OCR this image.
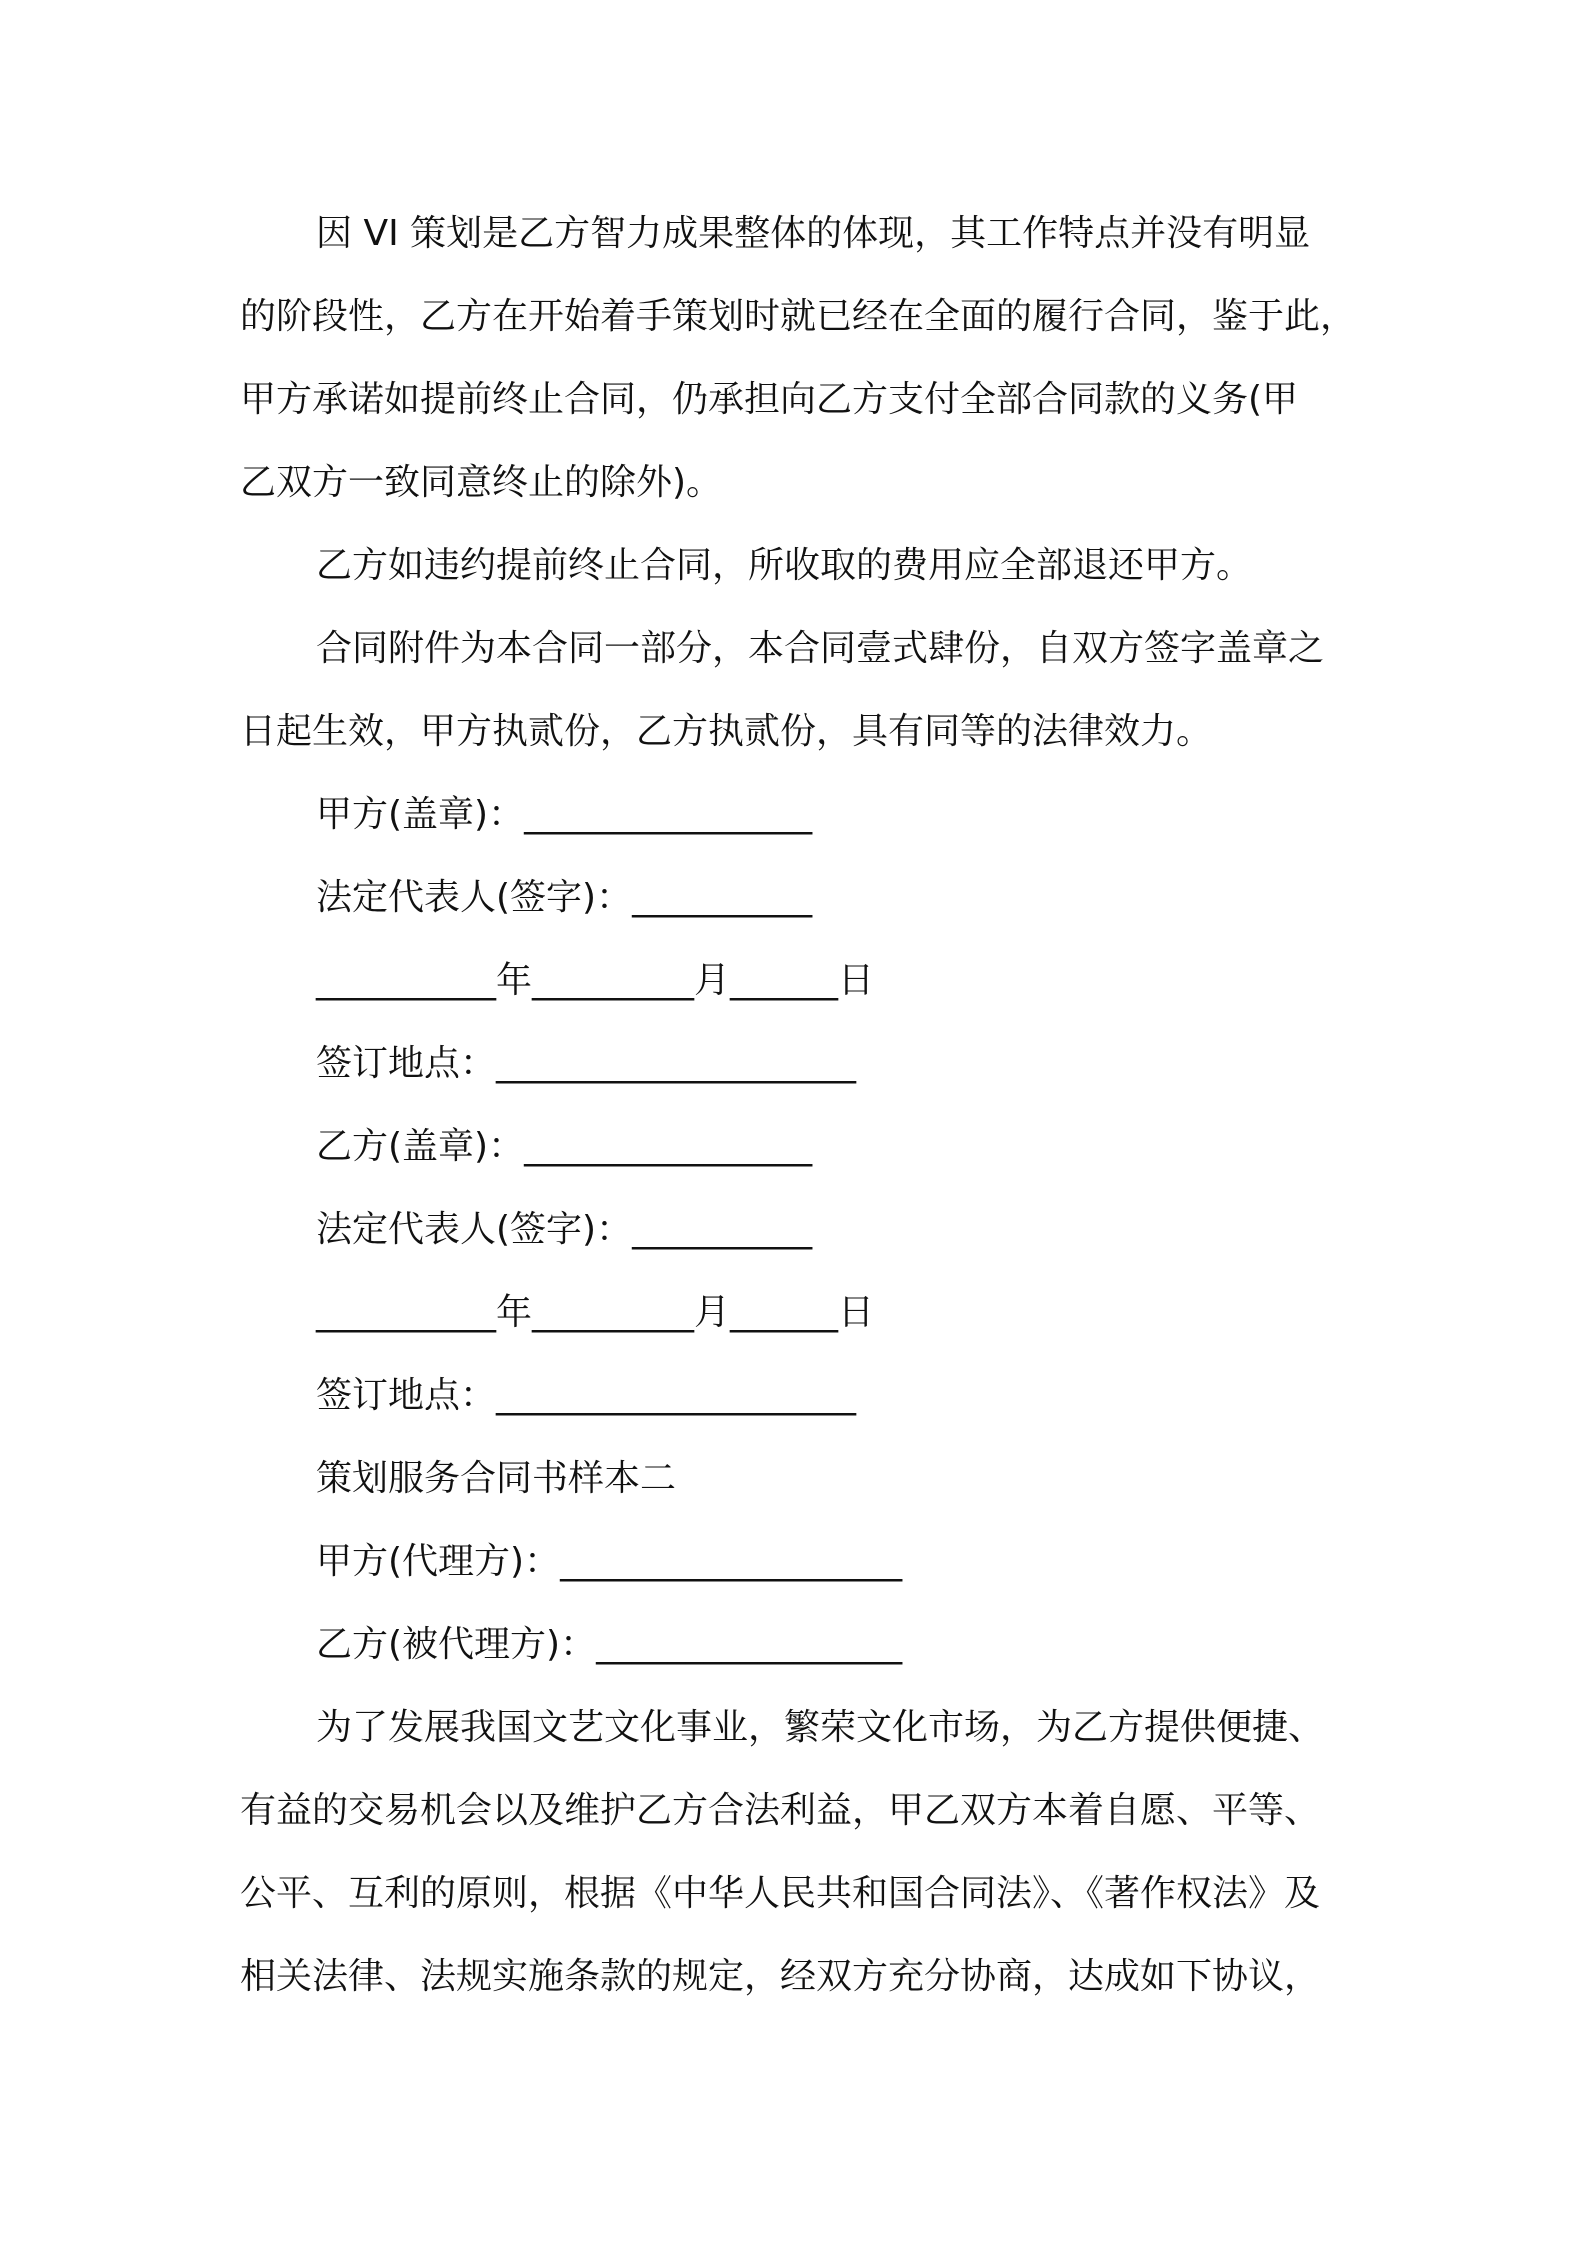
因 VI 策划是乙方智力成果整体的体现，其工作特点并没有明显
的阶段性，乙方在开始着手策划时就已经在全面的履行合同，鉴于此，
甲方承诺如提前终止合同，仍承担向乙方支付全部合同款的义务(甲
乙双方一致同意终止的除外)。
乙方如违约提前终止合同，所收取的费用应全部退还甲方。
合同附件为本合同一部分，本合同壹式肆份，自双方签字盖章之
日起生效，甲方执贰份，乙方执贰份，具有同等的法律效力。
甲方(盖章)：________________
法定代表人(签字)：__________
__________年_________月______日
签订地点：____________________
乙方(盖章)：________________
法定代表人(签字)：__________
__________年_________月______日
签订地点：____________________
策划服务合同书样本二
甲方(代理方)：___________________
乙方(被代理方)：_________________
为了发展我国文艺文化事业，繁荣文化市场，为乙方提供便捷、
有益的交易机会以及维护乙方合法利益，甲乙双方本着自愿、平等、
公平、互利的原则，根据《中华人民共和国合同法》、《著作权法》及
相关法律、法规实施条款的规定，经双方充分协商，达成如下协议，
